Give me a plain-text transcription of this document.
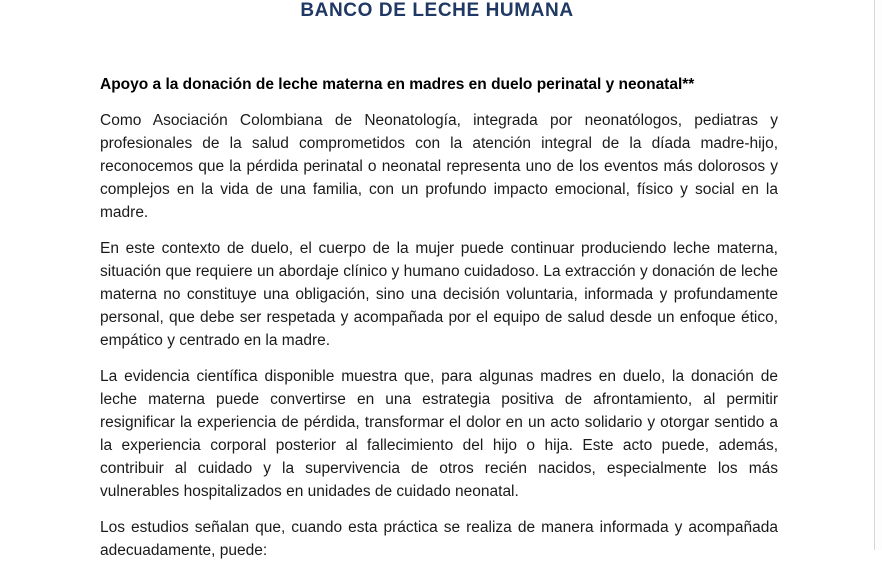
BANCO DE LECHE HUMANA
Apoyo a la donación de leche materna en madres en duelo perinatal y neonatal**

Como Asociación Colombiana de Neonatología, integrada por neonatólogos, pediatras y profesionales de la salud comprometidos con la atención integral de la díada madre-hijo, reconocemos que la pérdida perinatal o neonatal representa uno de los eventos más dolorosos y complejos en la vida de una familia, con un profundo impacto emocional, físico y social en la madre.

En este contexto de duelo, el cuerpo de la mujer puede continuar produciendo leche materna, situación que requiere un abordaje clínico y humano cuidadoso. La extracción y donación de leche materna no constituye una obligación, sino una decisión voluntaria, informada y profundamente personal, que debe ser respetada y acompañada por el equipo de salud desde un enfoque ético, empático y centrado en la madre.

La evidencia científica disponible muestra que, para algunas madres en duelo, la donación de leche materna puede convertirse en una estrategia positiva de afrontamiento, al permitir resignificar la experiencia de pérdida, transformar el dolor en un acto solidario y otorgar sentido a la experiencia corporal posterior al fallecimiento del hijo o hija. Este acto puede, además, contribuir al cuidado y la supervivencia de otros recién nacidos, especialmente los más vulnerables hospitalizados en unidades de cuidado neonatal.

Los estudios señalan que, cuando esta práctica se realiza de manera informada y acompañada adecuadamente, puede:
